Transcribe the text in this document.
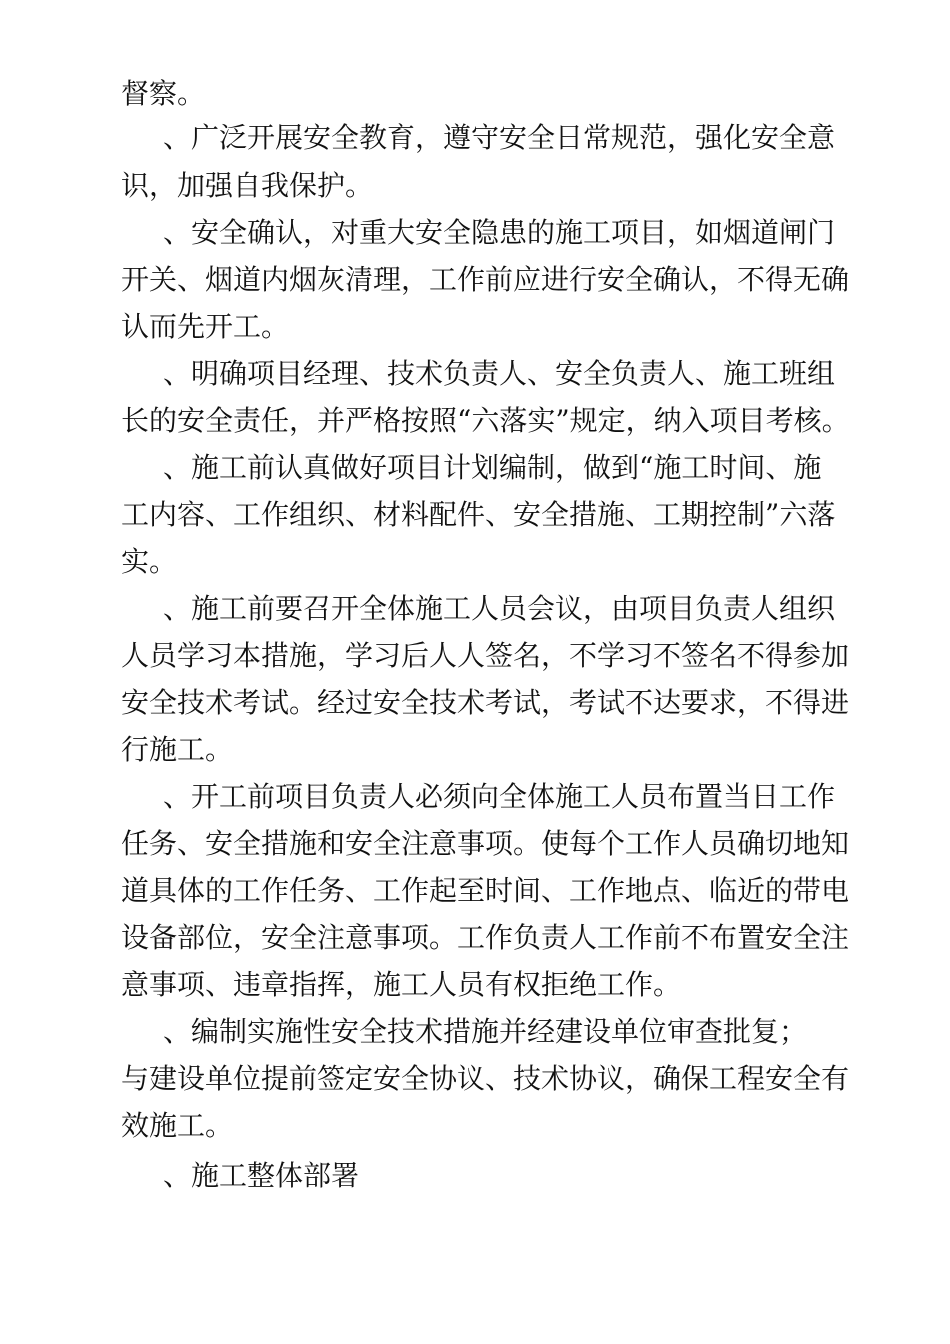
督察。
、广泛开展安全教育，遵守安全日常规范，强化安全意
识，加强自我保护。
、安全确认，对重大安全隐患的施工项目，如烟道闸门
开关、烟道内烟灰清理，工作前应进行安全确认，不得无确
认而先开工。
、明确项目经理、技术负责人、安全负责人、施工班组
长的安全责任，并严格按照“六落实”规定，纳入项目考核。
、施工前认真做好项目计划编制，做到“施工时间、施
工内容、工作组织、材料配件、安全措施、工期控制”六落
实。
、施工前要召开全体施工人员会议，由项目负责人组织
人员学习本措施，学习后人人签名，不学习不签名不得参加
安全技术考试。经过安全技术考试，考试不达要求，不得进
行施工。
、开工前项目负责人必须向全体施工人员布置当日工作
任务、安全措施和安全注意事项。使每个工作人员确切地知
道具体的工作任务、工作起至时间、工作地点、临近的带电
设备部位，安全注意事项。工作负责人工作前不布置安全注
意事项、违章指挥，施工人员有权拒绝工作。
、编制实施性安全技术措施并经建设单位审查批复；
与建设单位提前签定安全协议、技术协议，确保工程安全有
效施工。
、施工整体部署
